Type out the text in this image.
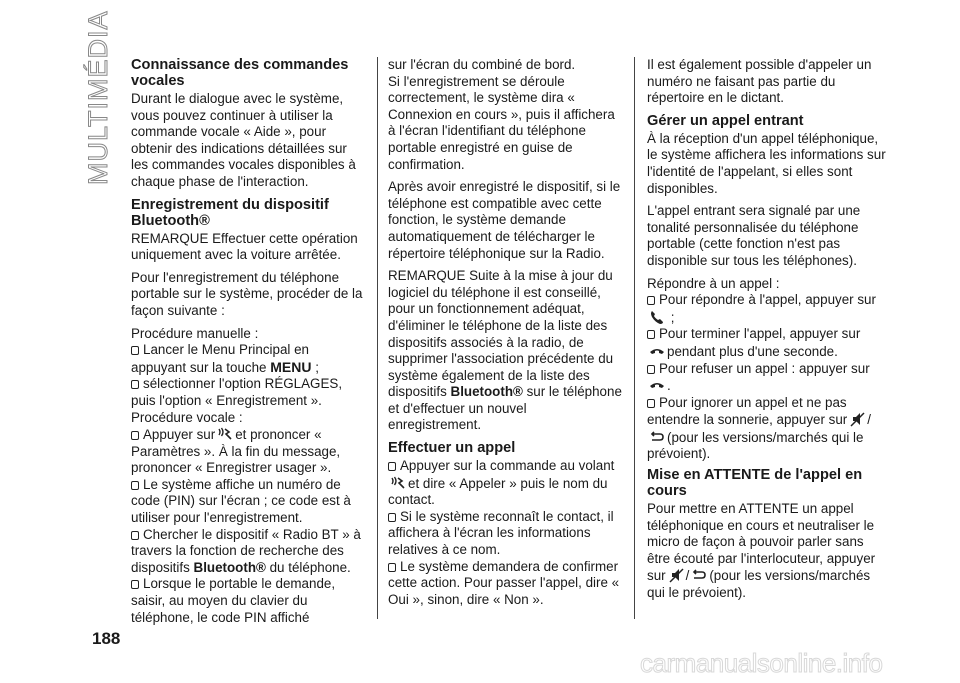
MULTIMÉDIA Connaissance des commandes vocales

Durant le dialogue avec le système, vous pouvez continuer à utiliser la commande vocale « Aide », pour obtenir des indications détaillées sur les commandes vocales disponibles à chaque phase de l'interaction.

Enregistrement du dispositif Bluetooth®

REMARQUE Effectuer cette opération uniquement avec la voiture arrêtée.

Pour l'enregistrement du téléphone portable sur le système, procéder de la façon suivante :

Procédure manuelle :

Lancer le Menu Principal en appuyant sur la touche MENU ;

sélectionner l'option RÉGLAGES, puis l'option « Enregistrement ».

Procédure vocale :

Appuyer sur et prononcer « Paramètres ». À la fin du message, prononcer « Enregistrer usager ».

Le système affiche un numéro de code (PIN) sur l'écran ; ce code est à utiliser pour l'enregistrement.

Chercher le dispositif « Radio BT » à travers la fonction de recherche des dispositifs Bluetooth® du téléphone.

Lorsque le portable le demande, saisir, au moyen du clavier du téléphone, le code PIN affiché

sur l'écran du combiné de bord.

Si l'enregistrement se déroule correctement, le système dira « Connexion en cours », puis il affichera à l'écran l'identifiant du téléphone portable enregistré en guise de confirmation.

Après avoir enregistré le dispositif, si le téléphone est compatible avec cette fonction, le système demande automatiquement de télécharger le répertoire téléphonique sur la Radio.

REMARQUE Suite à la mise à jour du logiciel du téléphone il est conseillé, pour un fonctionnement adéquat, d'éliminer le téléphone de la liste des dispositifs associés à la radio, de supprimer l'association précédente du système également de la liste des dispositifs Bluetooth® sur le téléphone et d'effectuer un nouvel enregistrement.

Effectuer un appel

Appuyer sur la commande au volant
et dire « Appeler » puis le nom du contact.

Si le système reconnaît le contact, il affichera à l'écran les informations relatives à ce nom.

Le système demandera de confirmer cette action. Pour passer l'appel, dire « Oui », sinon, dire « Non ».

Il est également possible d'appeler un numéro ne faisant pas partie du répertoire en le dictant.

Gérer un appel entrant

À la réception d'un appel téléphonique, le système affichera les informations sur l'identité de l'appelant, si elles sont disponibles.

L'appel entrant sera signalé par une tonalité personnalisée du téléphone portable (cette fonction n'est pas disponible sur tous les téléphones).

Répondre à un appel :

Pour répondre à l'appel, appuyer sur
;

Pour terminer l'appel, appuyer sur
pendant plus d'une seconde.

Pour refuser un appel : appuyer sur
.

Pour ignorer un appel et ne pas entendre la sonnerie, appuyer sur /
(pour les versions/marchés qui le prévoient).

Mise en ATTENTE de l'appel en cours

Pour mettre en ATTENTE un appel téléphonique en cours et neutraliser le micro de façon à pouvoir parler sans être écouté par l'interlocuteur, appuyer sur / (pour les versions/marchés qui le prévoient).

188
carmanualsonline.info
